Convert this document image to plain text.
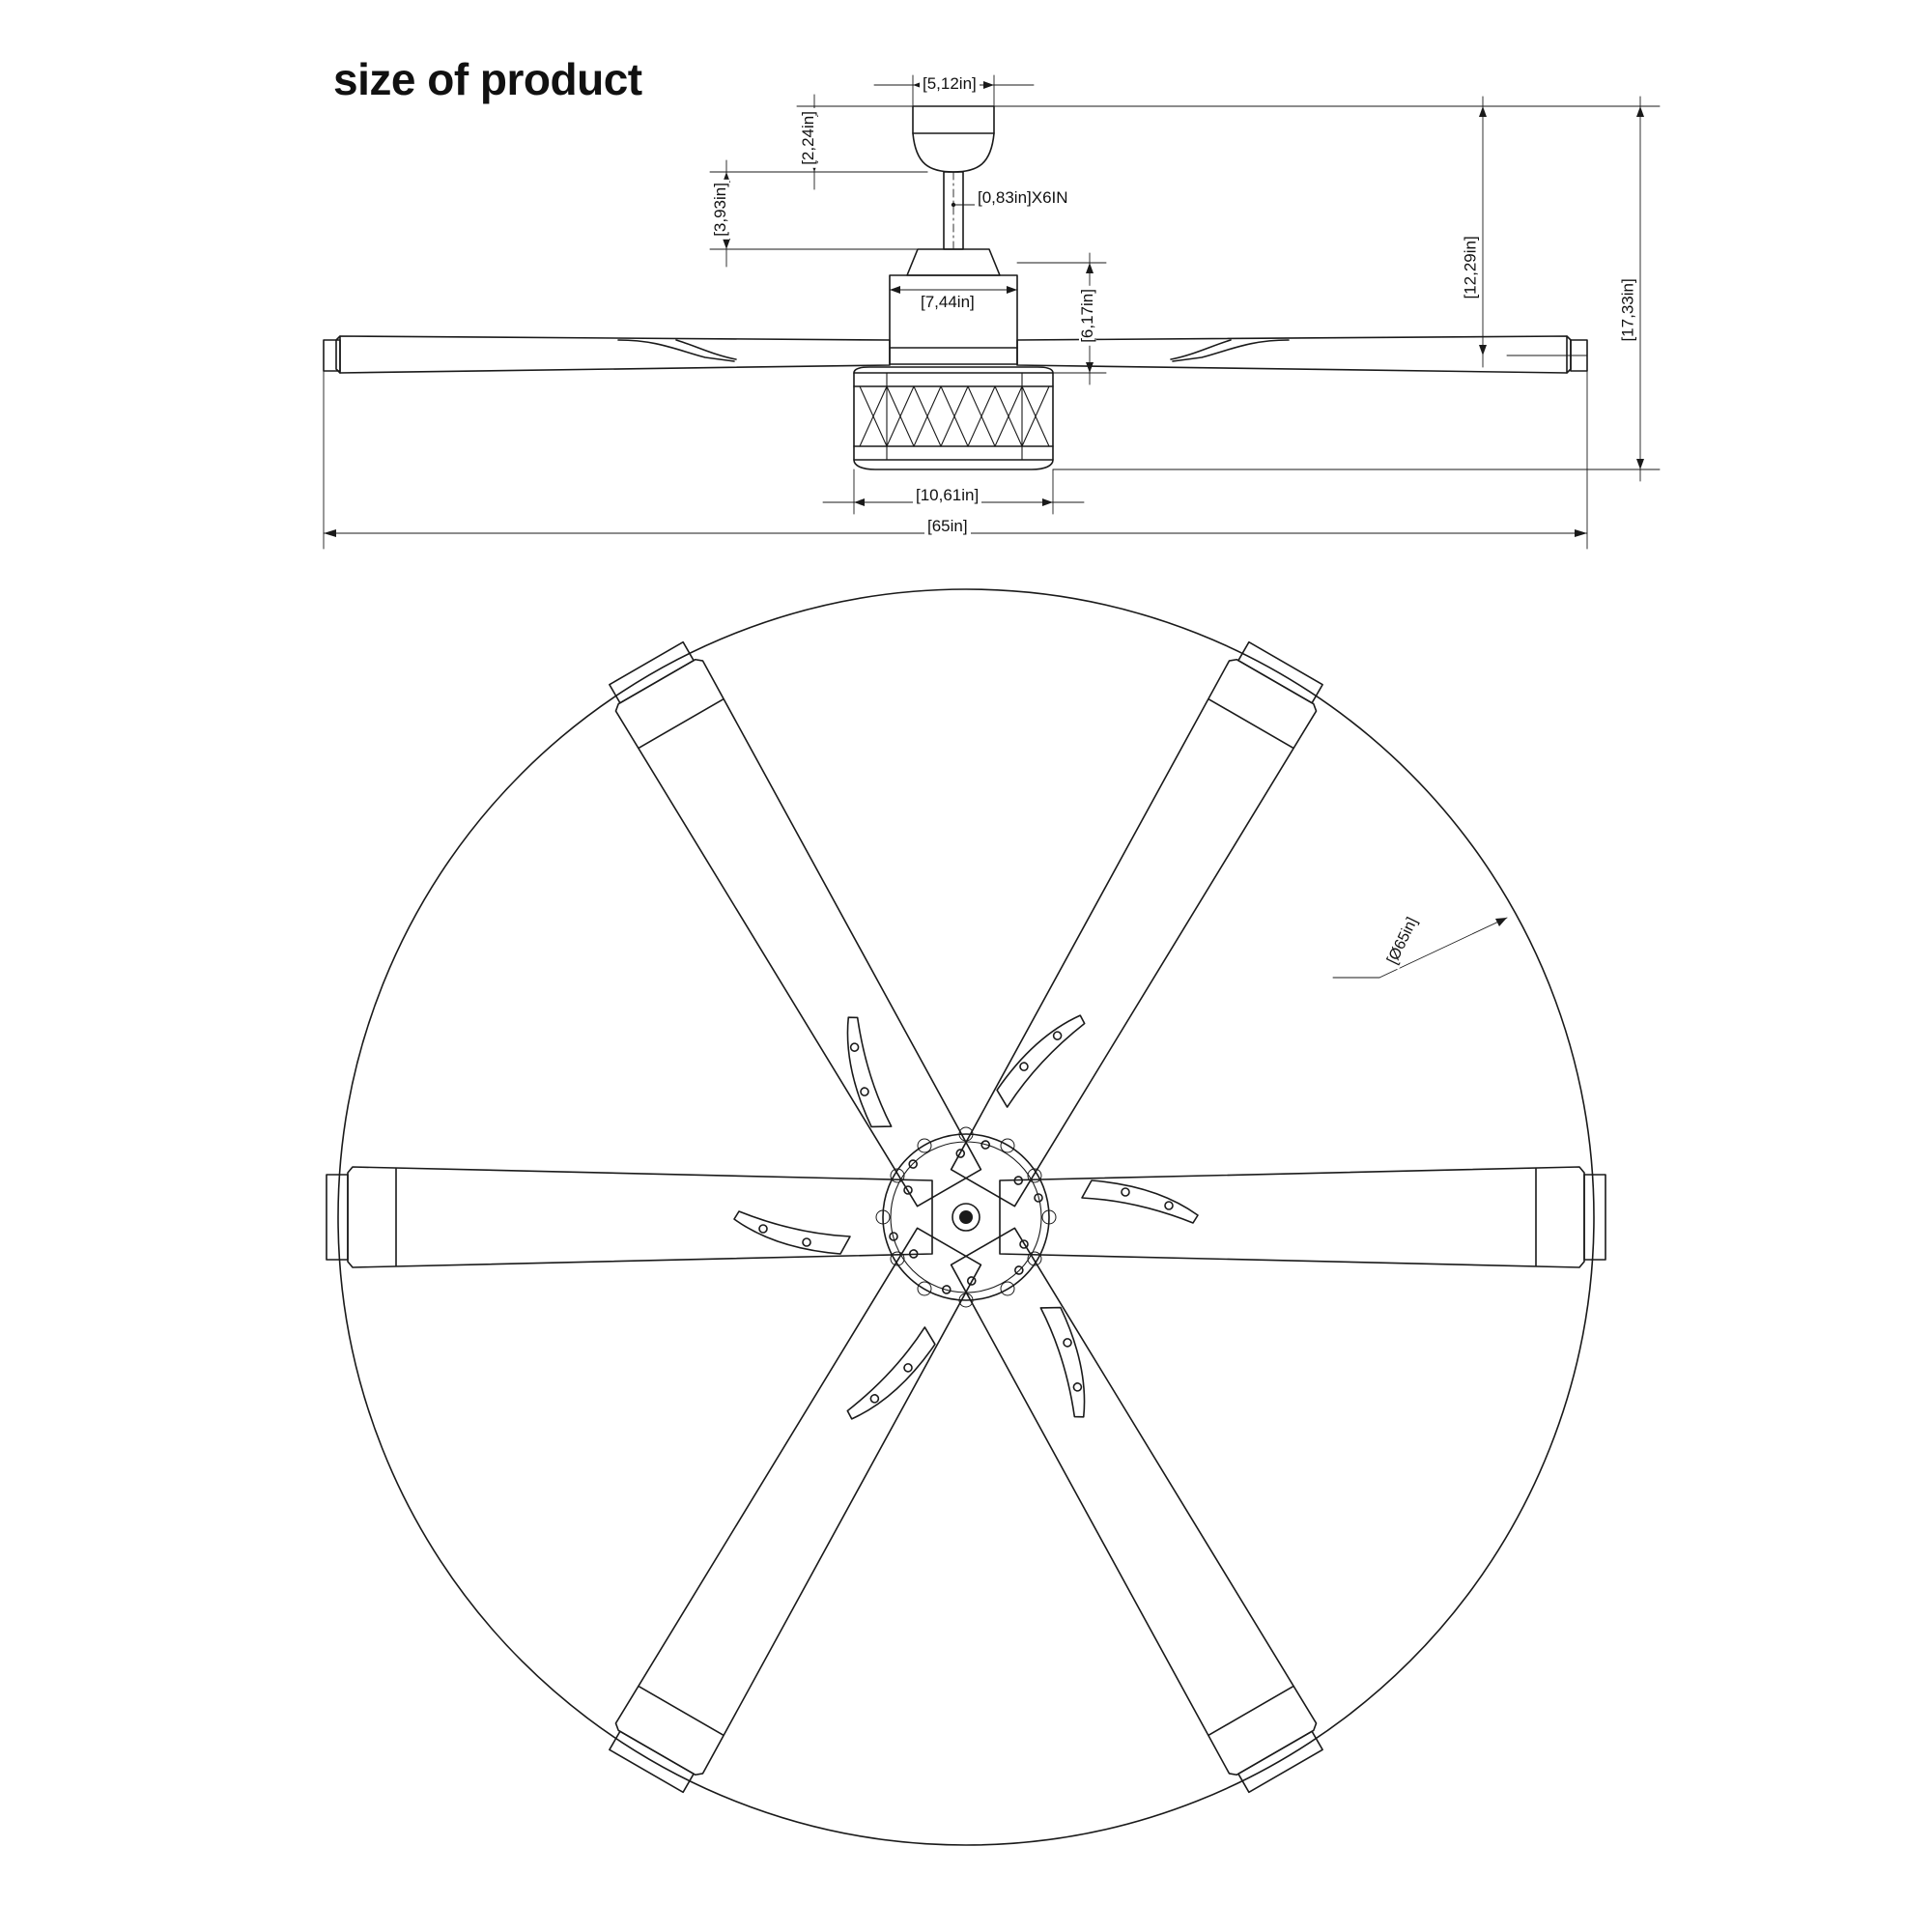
size of product	[5,12in]
[2,24in]
[3,93in]	[0,83in]X6IN
[7,44in]	[6,17in]
[10,61in]
[65in]
[12,29in]
[17,33in]
[Ø65in]
